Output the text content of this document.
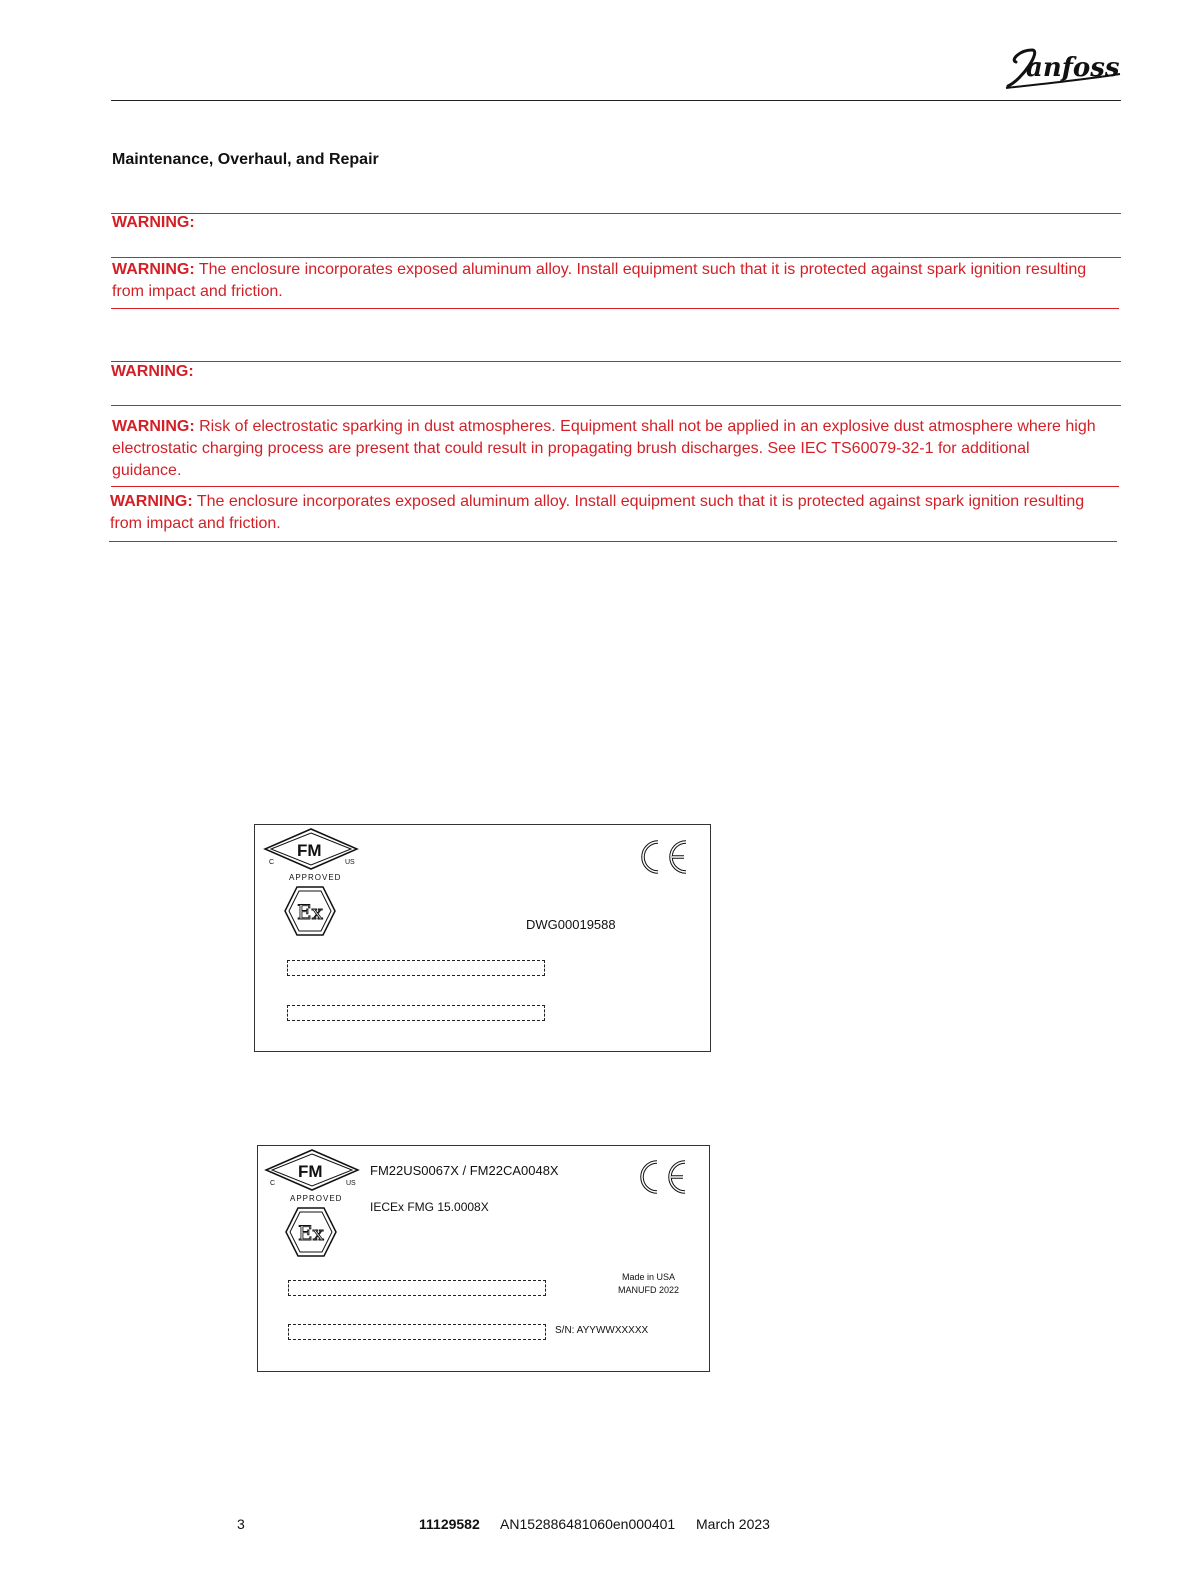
anfoss
Maintenance, Overhaul, and Repair
WARNING:
WARNING: The enclosure incorporates exposed aluminum alloy. Install equipment such that it is protected against spark ignition resulting from impact and friction.
WARNING:
WARNING: Risk of electrostatic sparking in dust atmospheres. Equipment shall not be applied in an explosive dust atmosphere where high electrostatic charging process are present that could result in propagating brush discharges. See IEC TS60079-32-1 for additional guidance.
WARNING: The enclosure incorporates exposed aluminum alloy. Install equipment such that it is protected against spark ignition resulting from impact and friction.
FM
C	US
APPROVED
Ex
DWG00019588
FM
C	US
APPROVED
Ex
FM22US0067X / FM22CA0048X
IECEx FMG 15.0008X
Made in USA
MANUFD 2022
S/N: AYYWWXXXXX
3	11129582 AN152886481060en000401 March 2023
